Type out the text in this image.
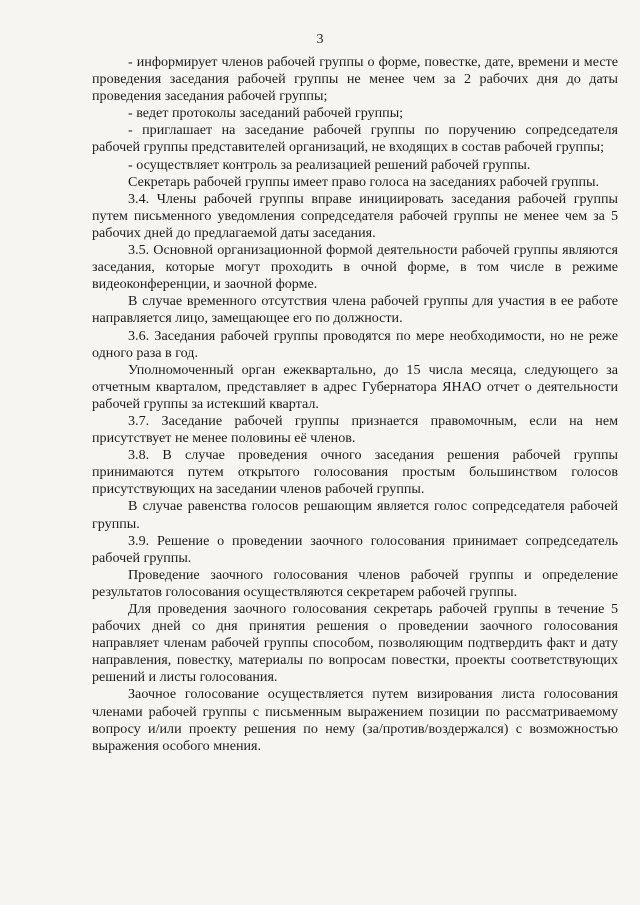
3

- информирует членов рабочей группы о форме, повестке, дате, времени и месте проведения заседания рабочей группы не менее чем за 2 рабочих дня до даты проведения заседания рабочей группы;

- ведет протоколы заседаний рабочей группы;

- приглашает на заседание рабочей группы по поручению сопредседателя рабочей группы представителей организаций, не входящих в состав рабочей группы;

- осуществляет контроль за реализацией решений рабочей группы.

Секретарь рабочей группы имеет право голоса на заседаниях рабочей группы.

3.4. Члены рабочей группы вправе инициировать заседания рабочей группы путем письменного уведомления сопредседателя рабочей группы не менее чем за 5 рабочих дней до предлагаемой даты заседания.

3.5. Основной организационной формой деятельности рабочей группы являются заседания, которые могут проходить в очной форме, в том числе в режиме видеоконференции, и заочной форме.

В случае временного отсутствия члена рабочей группы для участия в ее работе направляется лицо, замещающее его по должности.

3.6. Заседания рабочей группы проводятся по мере необходимости, но не реже одного раза в год.

Уполномоченный орган ежеквартально, до 15 числа месяца, следующего за отчетным кварталом, представляет в адрес Губернатора ЯНАО отчет о деятельности рабочей группы за истекший квартал.

3.7. Заседание рабочей группы признается правомочным, если на нем присутствует не менее половины её членов.

3.8. В случае проведения очного заседания решения рабочей группы принимаются путем открытого голосования простым большинством голосов присутствующих на заседании членов рабочей группы.

В случае равенства голосов решающим является голос сопредседателя рабочей группы.

3.9. Решение о проведении заочного голосования принимает сопредседатель рабочей группы.

Проведение заочного голосования членов рабочей группы и определение результатов голосования осуществляются секретарем рабочей группы.

Для проведения заочного голосования секретарь рабочей группы в течение 5 рабочих дней со дня принятия решения о проведении заочного голосования направляет членам рабочей группы способом, позволяющим подтвердить факт и дату направления, повестку, материалы по вопросам повестки, проекты соответствующих решений и листы голосования.

Заочное голосование осуществляется путем визирования листа голосования членами рабочей группы с письменным выражением позиции по рассматриваемому вопросу и/или проекту решения по нему (за/против/воздержался) с возможностью выражения особого мнения.
